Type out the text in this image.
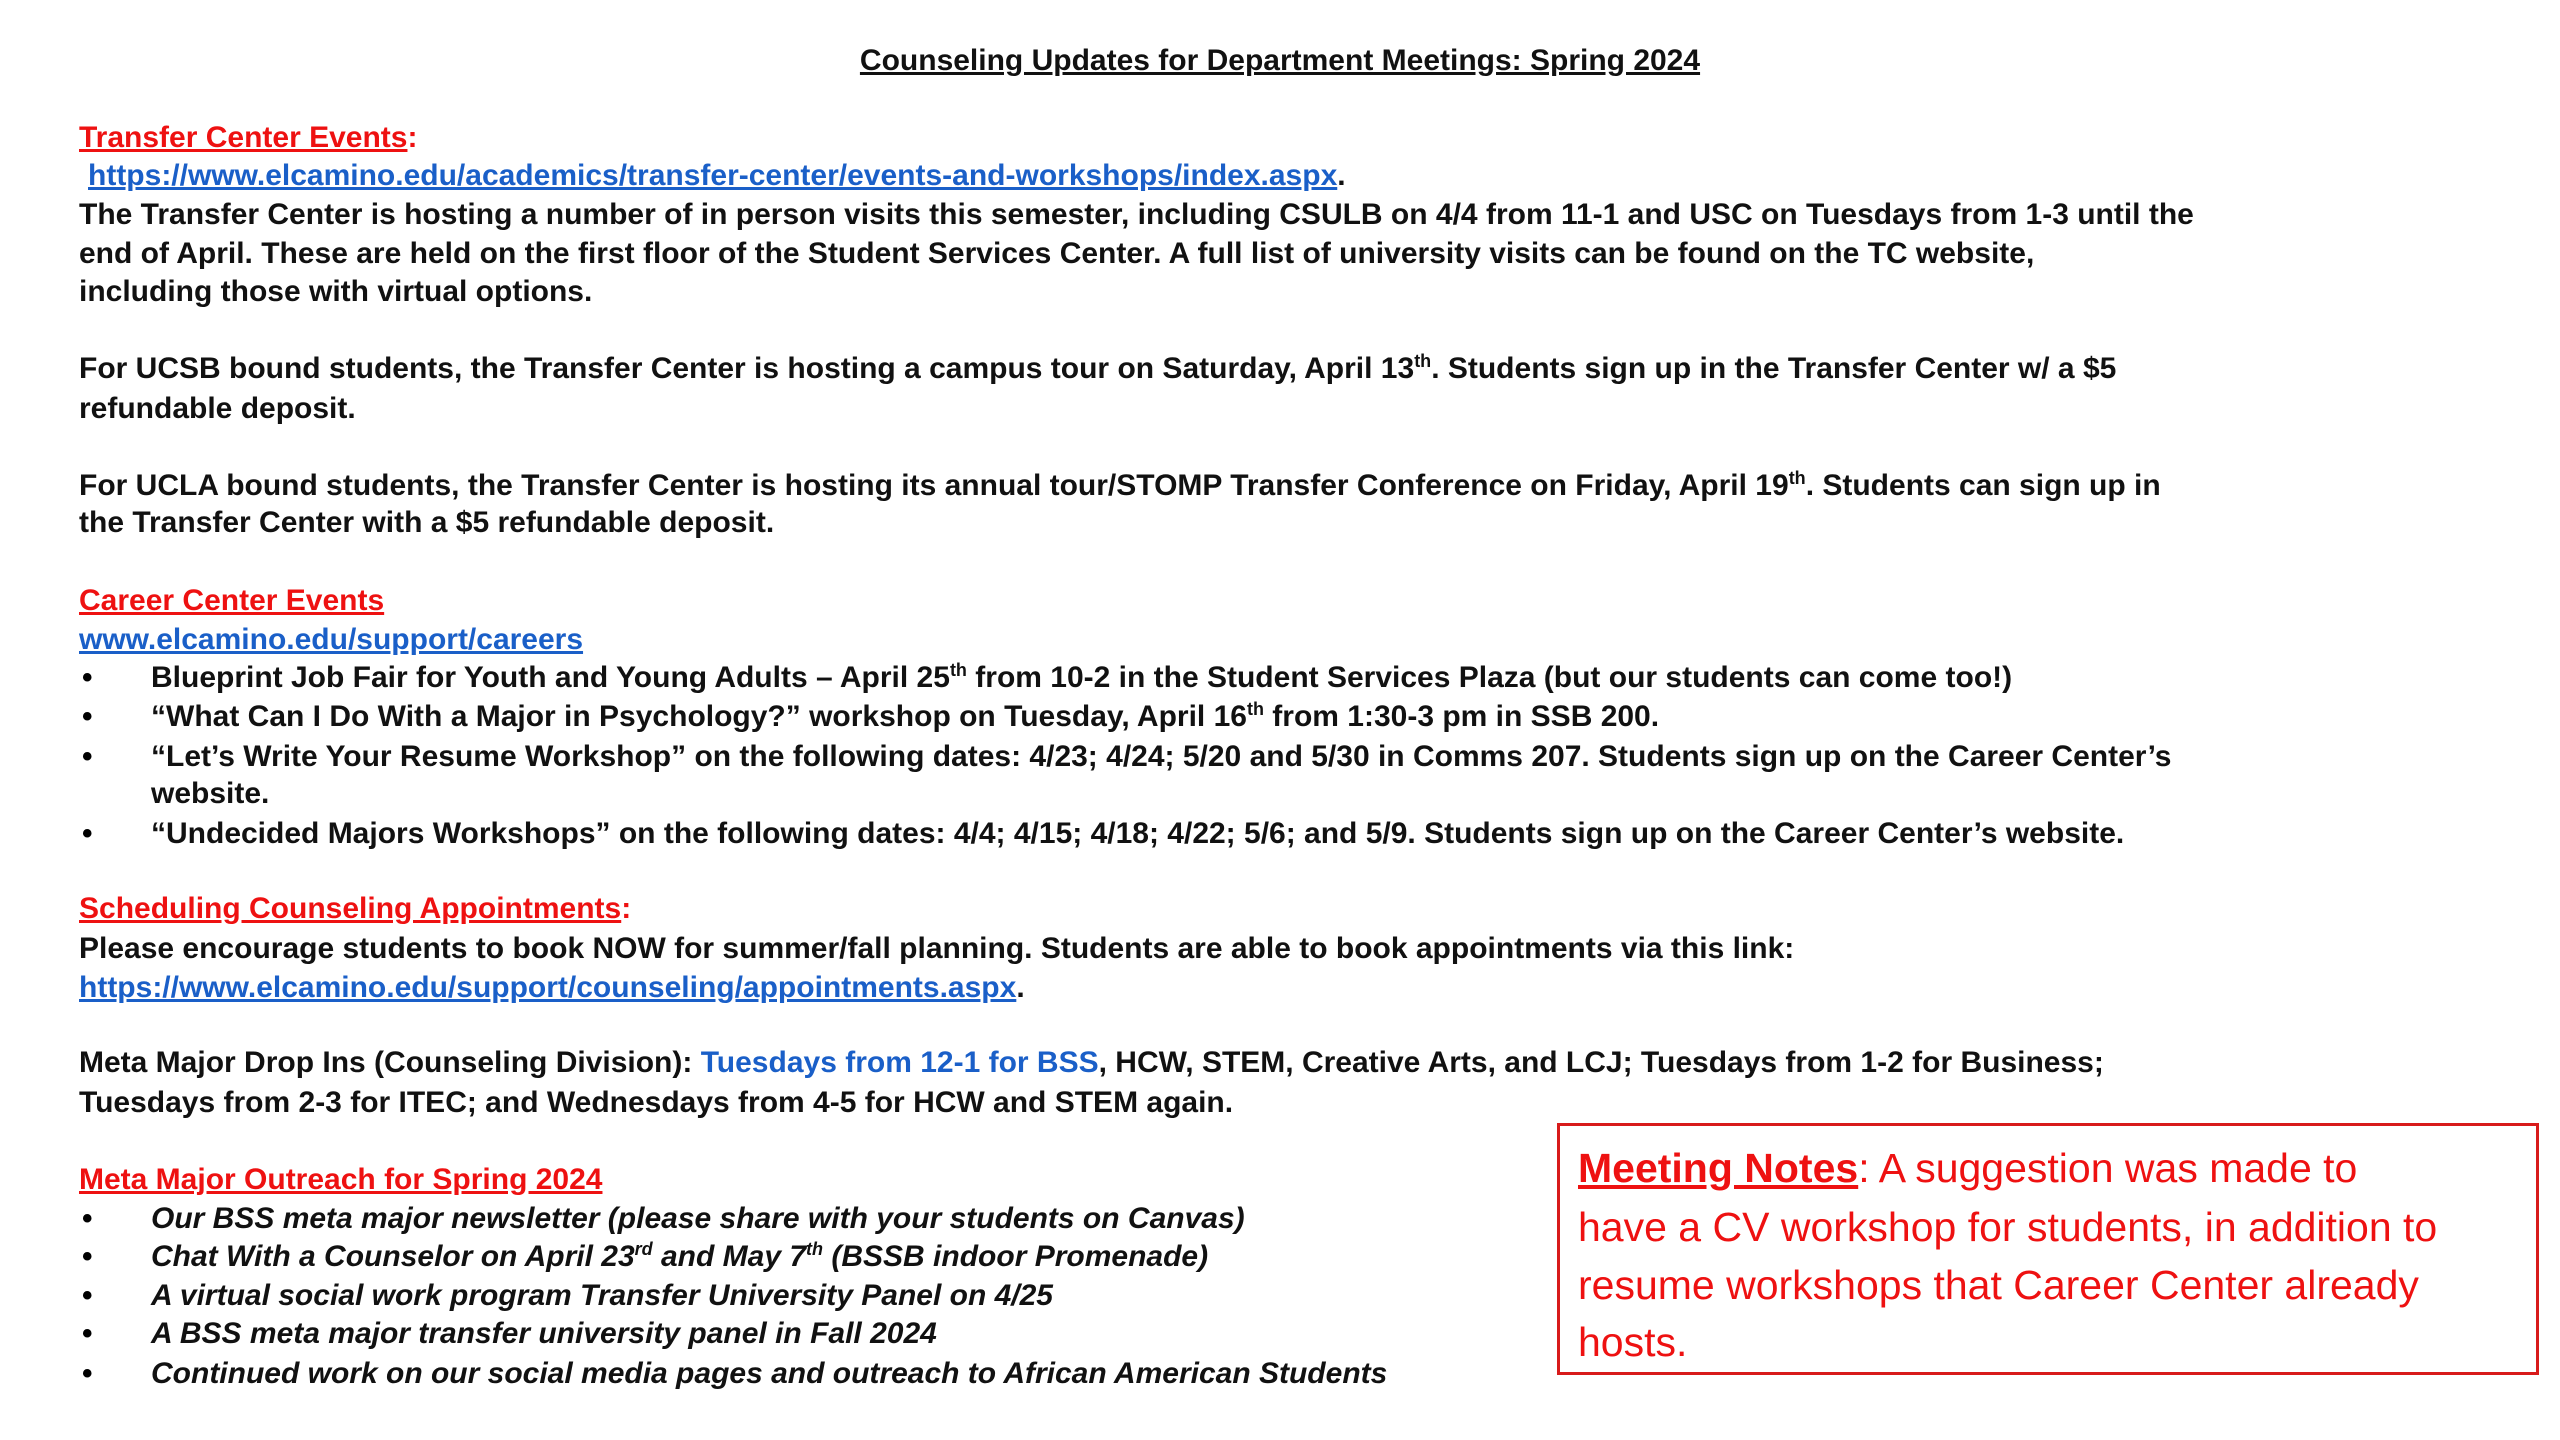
Counseling Updates for Department Meetings: Spring 2024
Transfer Center Events:
https://www.elcamino.edu/academics/transfer-center/events-and-workshops/index.aspx.
The Transfer Center is hosting a number of in person visits this semester, including CSULB on 4/4 from 11-1 and USC on Tuesdays from 1-3 until the
end of April. These are held on the first floor of the Student Services Center. A full list of university visits can be found on the TC website,
including those with virtual options.
For UCSB bound students, the Transfer Center is hosting a campus tour on Saturday, April 13th. Students sign up in the Transfer Center w/ a $5
refundable deposit.
For UCLA bound students, the Transfer Center is hosting its annual tour/STOMP Transfer Conference on Friday, April 19th. Students can sign up in
the Transfer Center with a $5 refundable deposit.
Career Center Events
www.elcamino.edu/support/careers
• Blueprint Job Fair for Youth and Young Adults – April 25th from 10-2 in the Student Services Plaza (but our students can come too!)
• “What Can I Do With a Major in Psychology?” workshop on Tuesday, April 16th from 1:30-3 pm in SSB 200.
• “Let’s Write Your Resume Workshop” on the following dates: 4/23; 4/24; 5/20 and 5/30 in Comms 207. Students sign up on the Career Center’s
website.
• “Undecided Majors Workshops” on the following dates: 4/4; 4/15; 4/18; 4/22; 5/6; and 5/9. Students sign up on the Career Center’s website.
Scheduling Counseling Appointments:
Please encourage students to book NOW for summer/fall planning. Students are able to book appointments via this link:
https://www.elcamino.edu/support/counseling/appointments.aspx.
Meta Major Drop Ins (Counseling Division): Tuesdays from 12-1 for BSS, HCW, STEM, Creative Arts, and LCJ; Tuesdays from 1-2 for Business;
Tuesdays from 2-3 for ITEC; and Wednesdays from 4-5 for HCW and STEM again.
Meta Major Outreach for Spring 2024
• Our BSS meta major newsletter (please share with your students on Canvas)
• Chat With a Counselor on April 23rd and May 7th (BSSB indoor Promenade)
• A virtual social work program Transfer University Panel on 4/25
• A BSS meta major transfer university panel in Fall 2024
• Continued work on our social media pages and outreach to African American Students
Meeting Notes: A suggestion was made to
have a CV workshop for students, in addition to
resume workshops that Career Center already
hosts.
